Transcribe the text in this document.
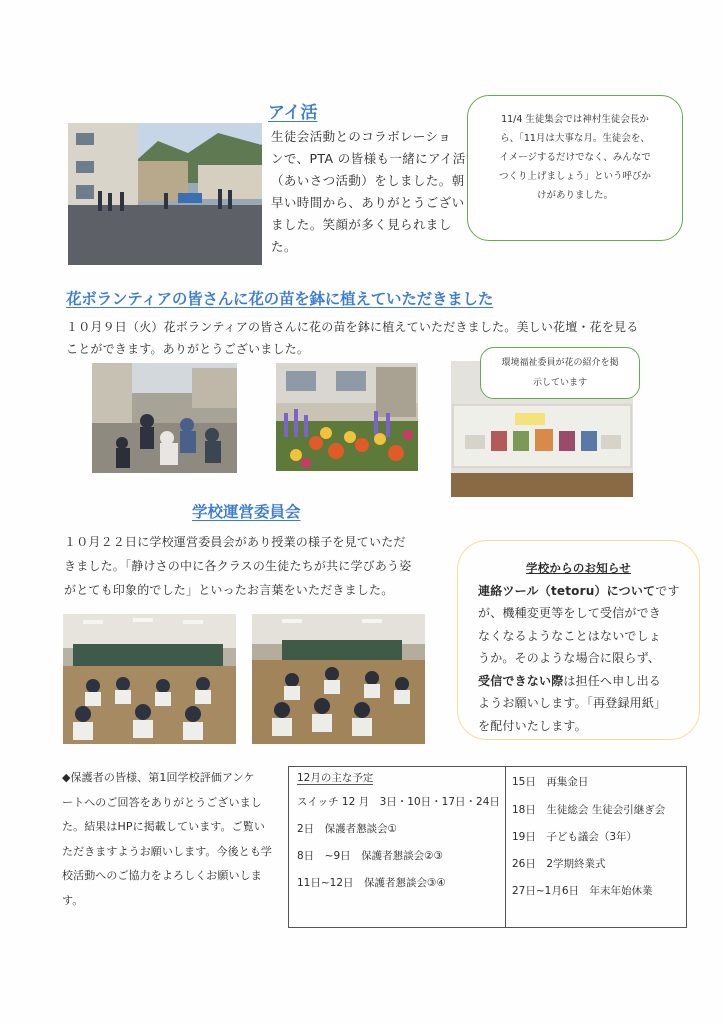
アイ活
生徒会活動とのコラボレーショ
ンで、PTA の皆様も一緒にアイ活
（あいさつ活動）をしました。朝
早い時間から、ありがとうござい
ました。笑顔が多く見られまし
た。
11/4 生徒集会では神村生徒会長か
ら、「11月は大事な月。生徒会を、
イメージするだけでなく、みんなで
つくり上げましょう」という呼びか
けがありました。
花ボランティアの皆さんに花の苗を鉢に植えていただきました
１０月９日（火）花ボランティアの皆さんに花の苗を鉢に植えていただきました。美しい花壇・花を見る
ことができます。ありがとうございました。
環境福祉委員が花の紹介を掲
示しています
学校運営委員会
１０月２２日に学校運営委員会があり授業の様子を見ていただ
きました。「静けさの中に各クラスの生徒たちが共に学びあう姿
がとても印象的でした」といったお言葉をいただきました。
学校からのお知らせ
連絡ツール（tetoru）についてです
が、機種変更等をして受信ができ
なくなるようなことはないでしょ
うか。そのような場合に限らず、
受信できない際は担任へ申し出る
ようお願いします。「再登録用紙」
を配付いたします。
◆保護者の皆様、第1回学校評価アンケ
ートへのご回答をありがとうございまし
た。結果はHPに掲載しています。ご覧い
ただきますようお願いします。今後とも学
校活動へのご協力をよろしくお願いしま
す。
12月の主な予定
スイッチ 12 月　3日・10日・17日・24日
2日　保護者懇談会①
8日　~9日　保護者懇談会②③
11日~12日　保護者懇談会③④
15日　再集金日
18日　生徒総会 生徒会引継ぎ会
19日　子ども議会（3年）
26日　2学期終業式
27日~1月6日　年末年始休業
